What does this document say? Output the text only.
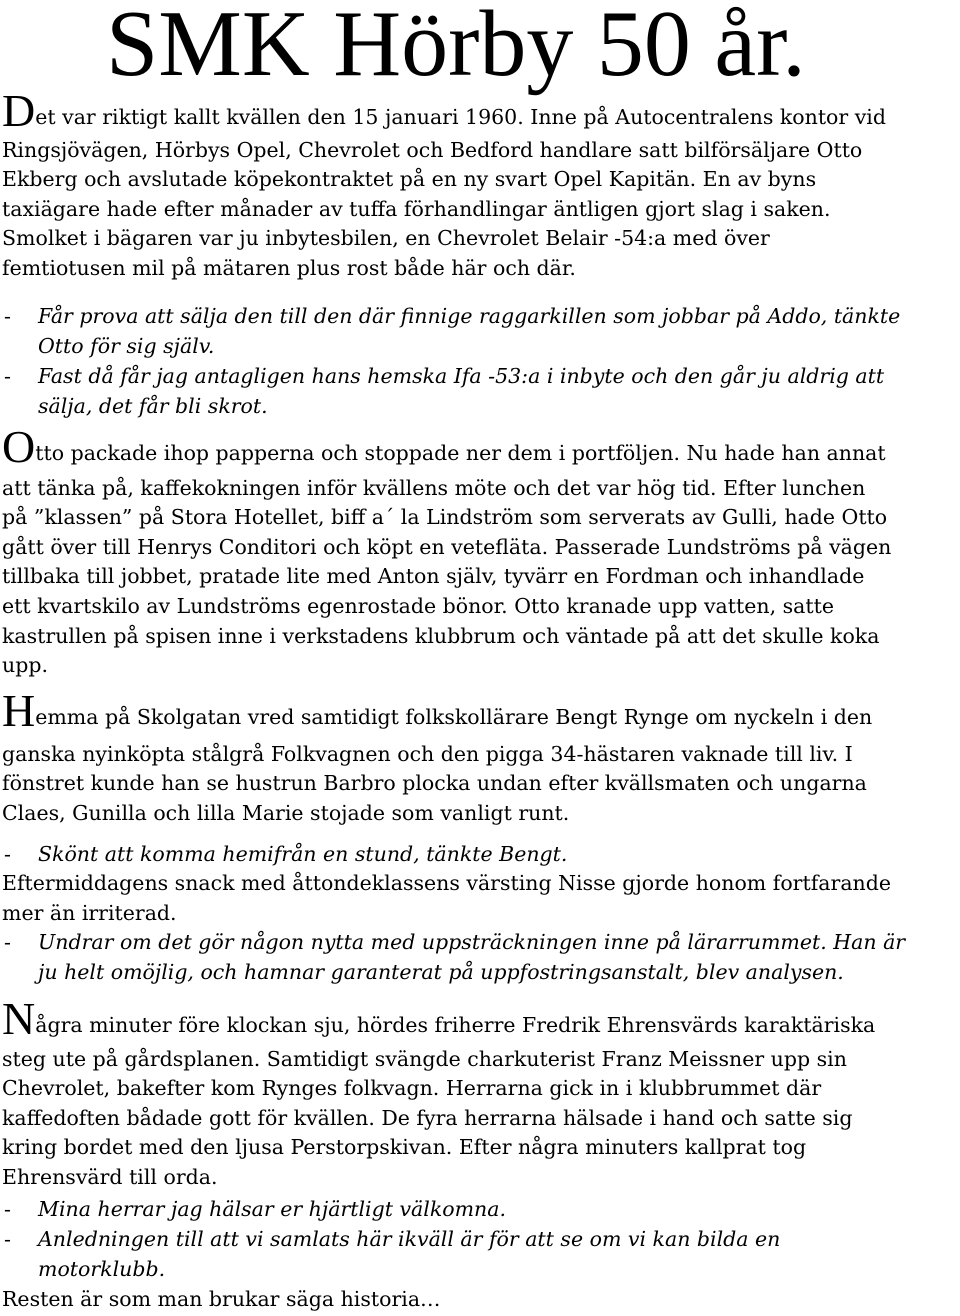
SMK Hörby 50 år.
Det var riktigt kallt kvällen den 15 januari 1960. Inne på Autocentralens kontor vid
Ringsjövägen, Hörbys Opel, Chevrolet och Bedford handlare satt bilförsäljare Otto
Ekberg och avslutade köpekontraktet på en ny svart Opel Kapitän. En av byns
taxiägare hade efter månader av tuffa förhandlingar äntligen gjort slag i saken.
Smolket i bägaren var ju inbytesbilen, en Chevrolet Belair -54:a med över
femtiotusen mil på mätaren plus rost både här och där.
- Får prova att sälja den till den där finnige raggarkillen som jobbar på Addo, tänkte
Otto för sig själv.
- Fast då får jag antagligen hans hemska Ifa -53:a i inbyte och den går ju aldrig att
sälja, det får bli skrot.
Otto packade ihop papperna och stoppade ner dem i portföljen. Nu hade han annat
att tänka på, kaffekokningen inför kvällens möte och det var hög tid. Efter lunchen
på ”klassen” på Stora Hotellet, biff a´ la Lindström som serverats av Gulli, hade Otto
gått över till Henrys Conditori och köpt en vetefläta. Passerade Lundströms på vägen
tillbaka till jobbet, pratade lite med Anton själv, tyvärr en Fordman och inhandlade
ett kvartskilo av Lundströms egenrostade bönor. Otto kranade upp vatten, satte
kastrullen på spisen inne i verkstadens klubbrum och väntade på att det skulle koka
upp.
Hemma på Skolgatan vred samtidigt folkskollärare Bengt Rynge om nyckeln i den
ganska nyinköpta stålgrå Folkvagnen och den pigga 34-hästaren vaknade till liv. I
fönstret kunde han se hustrun Barbro plocka undan efter kvällsmaten och ungarna
Claes, Gunilla och lilla Marie stojade som vanligt runt.
- Skönt att komma hemifrån en stund, tänkte Bengt.
Eftermiddagens snack med åttondeklassens värsting Nisse gjorde honom fortfarande
mer än irriterad.
- Undrar om det gör någon nytta med uppsträckningen inne på lärarrummet. Han är
ju helt omöjlig, och hamnar garanterat på uppfostringsanstalt, blev analysen.
Några minuter före klockan sju, hördes friherre Fredrik Ehrensvärds karaktäriska
steg ute på gårdsplanen. Samtidigt svängde charkuterist Franz Meissner upp sin
Chevrolet, bakefter kom Rynges folkvagn. Herrarna gick in i klubbrummet där
kaffedoften bådade gott för kvällen. De fyra herrarna hälsade i hand och satte sig
kring bordet med den ljusa Perstorpskivan. Efter några minuters kallprat tog
Ehrensvärd till orda.
- Mina herrar jag hälsar er hjärtligt välkomna.
- Anledningen till att vi samlats här ikväll är för att se om vi kan bilda en
motorklubb.
Resten är som man brukar säga historia…
